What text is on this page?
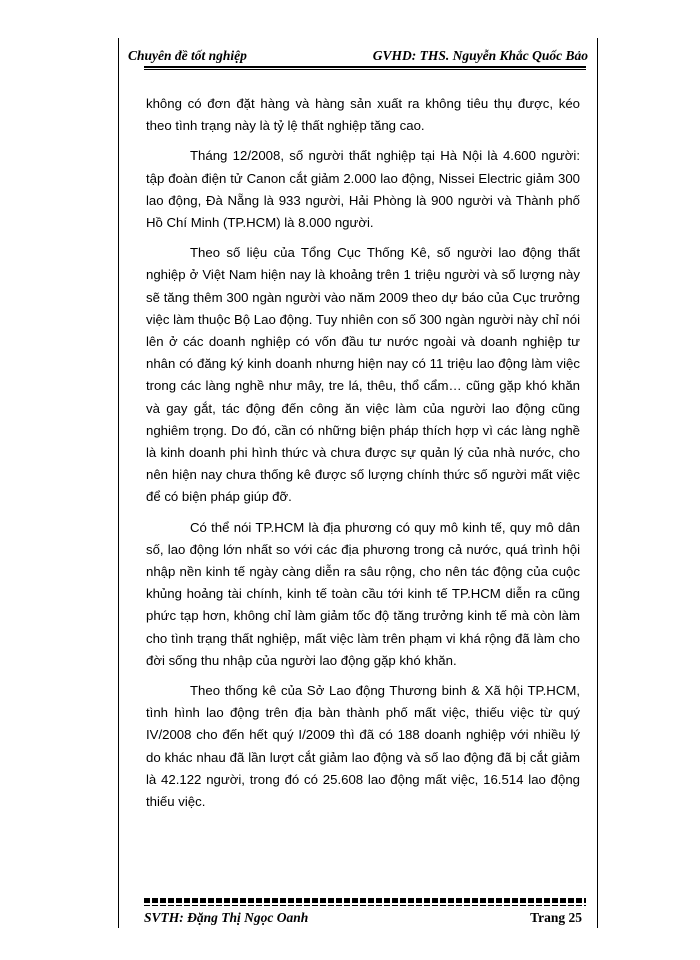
Chuyên đề tốt nghiệp	GVHD: THS. Nguyễn Khắc Quốc Bảo

không có đơn đặt hàng và hàng sản xuất ra không tiêu thụ được, kéo theo tình trạng này là tỷ lệ thất nghiệp tăng cao.

Tháng 12/2008, số người thất nghiệp tại Hà Nội là 4.600 người: tập đoàn điện tử Canon cắt giảm 2.000 lao động, Nissei Electric giảm 300 lao động, Đà Nẵng là 933 người, Hải Phòng là 900 người và Thành phố Hồ Chí Minh (TP.HCM) là 8.000 người.

Theo số liệu của Tổng Cục Thống Kê, số người lao động thất nghiệp ở Việt Nam hiện nay là khoảng trên 1 triệu người và số lượng này sẽ tăng thêm 300 ngàn người vào năm 2009 theo dự báo của Cục trưởng việc làm thuộc Bộ Lao động. Tuy nhiên con số 300 ngàn người này chỉ nói lên ở các doanh nghiệp có vốn đầu tư nước ngoài và doanh nghiệp tư nhân có đăng ký kinh doanh nhưng hiện nay có 11 triệu lao động làm việc trong các làng nghề như mây, tre lá, thêu, thổ cẩm… cũng gặp khó khăn và gay gắt, tác động đến công ăn việc làm của người lao động cũng nghiêm trọng. Do đó, cần có những biện pháp thích hợp vì các làng nghề là kinh doanh phi hình thức và chưa được sự quản lý của nhà nước, cho nên hiện nay chưa thống kê được số lượng chính thức số người mất việc để có biện pháp giúp đỡ.

Có thể nói TP.HCM là địa phương có quy mô kinh tế, quy mô dân số, lao động lớn nhất so với các địa phương trong cả nước, quá trình hội nhập nền kinh tế ngày càng diễn ra sâu rộng, cho nên tác động của cuộc khủng hoảng tài chính, kinh tế toàn cầu tới kinh tế TP.HCM diễn ra cũng phức tạp hơn, không chỉ làm giảm tốc độ tăng trưởng kinh tế mà còn làm cho tình trạng thất nghiệp, mất việc làm trên phạm vi khá rộng đã làm cho đời sống thu nhập của người lao động gặp khó khăn.

Theo thống kê của Sở Lao động Thương binh & Xã hội TP.HCM, tình hình lao động trên địa bàn thành phố mất việc, thiếu việc từ quý IV/2008 cho đến hết quý I/2009 thì đã có 188 doanh nghiệp với nhiều lý do khác nhau đã lần lượt cắt giảm lao động và số lao động đã bị cắt giảm là 42.122 người, trong đó có 25.608 lao động mất việc, 16.514 lao động thiếu việc.

SVTH: Đặng Thị Ngọc Oanh	Trang 25
